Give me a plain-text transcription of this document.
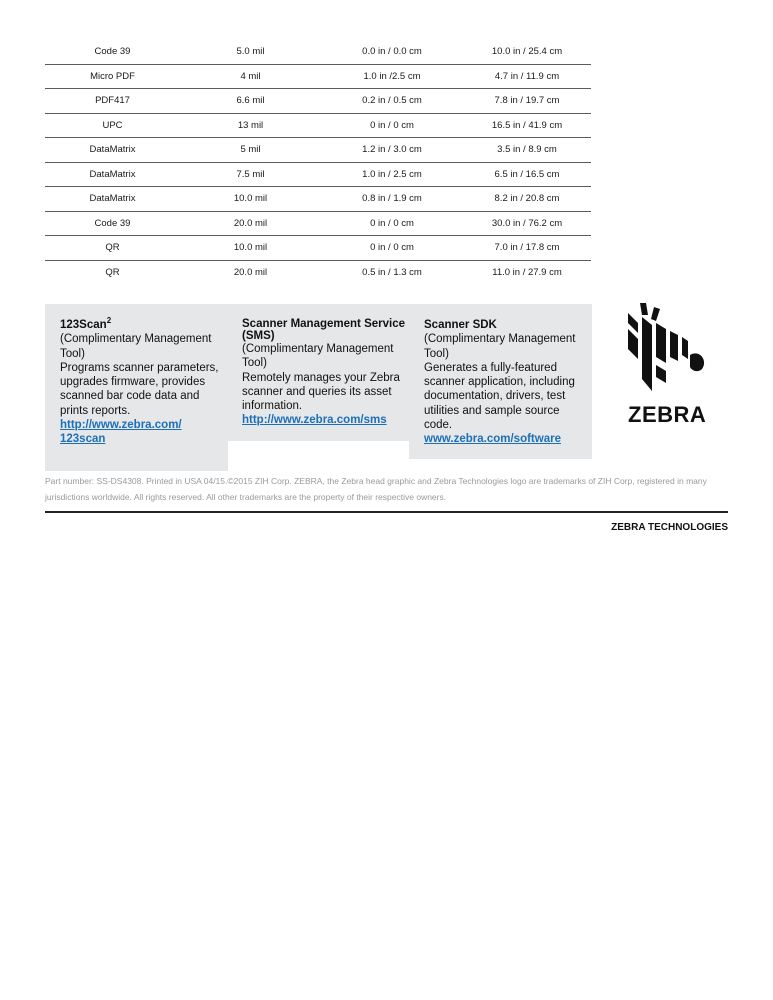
Code 39	5.0 mil	0.0 in / 0.0 cm	10.0 in / 25.4 cm
Micro PDF	4 mil	1.0 in /2.5 cm	4.7 in / 11.9 cm
PDF417	6.6 mil	0.2 in / 0.5 cm	7.8 in / 19.7 cm
UPC	13 mil	0 in / 0 cm	16.5 in / 41.9 cm
DataMatrix	5 mil	1.2 in / 3.0 cm	3.5 in / 8.9 cm
DataMatrix	7.5 mil	1.0 in / 2.5 cm	6.5 in / 16.5 cm
DataMatrix	10.0 mil	0.8 in / 1.9 cm	8.2 in / 20.8 cm
Code 39	20.0 mil	0 in / 0 cm	30.0 in / 76.2 cm
QR	10.0 mil	0 in / 0 cm	7.0 in / 17.8 cm
QR	20.0 mil	0.5 in / 1.3 cm	11.0 in / 27.9 cm
123Scan$^2$
(Complimentary Management Tool)
Programs scanner parameters, upgrades firmware, provides scanned bar code data and prints reports.
http://www.zebra.com/ 123scan
Scanner Management Service (SMS)
(Complimentary Management Tool)
Remotely manages your Zebra scanner and queries its asset information.
http://www.zebra.com/sms
Scanner SDK
(Complimentary Management Tool)
Generates a fully-featured scanner application, including documentation, drivers, test utilities and sample source code.
www.zebra.com/software
ZEBRA
Part number: SS-DS4308. Printed in USA 04/15.©2015 ZIH Corp. ZEBRA, the Zebra head graphic and Zebra Technologies logo are trademarks of ZIH Corp, registered in many jurisdictions worldwide. All rights reserved. All other trademarks are the property of their respective owners.
ZEBRA TECHNOLOGIES
